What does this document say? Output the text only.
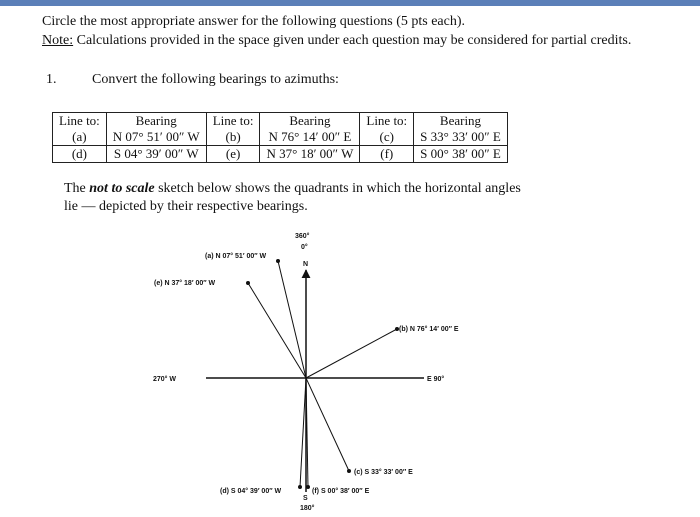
Circle the most appropriate answer for the following questions (5 pts each).
Note: Calculations provided in the space given under each question may be considered for partial credits.
1.	Convert the following bearings to azimuths:
Line to:	Bearing	Line to:	Bearing	Line to:	Bearing
(a)	N 07° 51′ 00″ W	(b)	N 76° 14′ 00″ E	(c)	S 33° 33′ 00″ E
(d)	S 04° 39′ 00″ W	(e)	N 37° 18′ 00″ W	(f)	S 00° 38′ 00″ E
The not to scale sketch below shows the quadrants in which the horizontal angles
lie — depicted by their respective bearings.
360°
0°
N
270° W	E 90°
S
180°
(a) N 07° 51′ 00″ W
(b) N 76° 14′ 00″ E
(c) S 33° 33′ 00″ E
(d) S 04° 39′ 00″ W
(e) N 37° 18′ 00″ W
(f) S 00° 38′ 00″ E
